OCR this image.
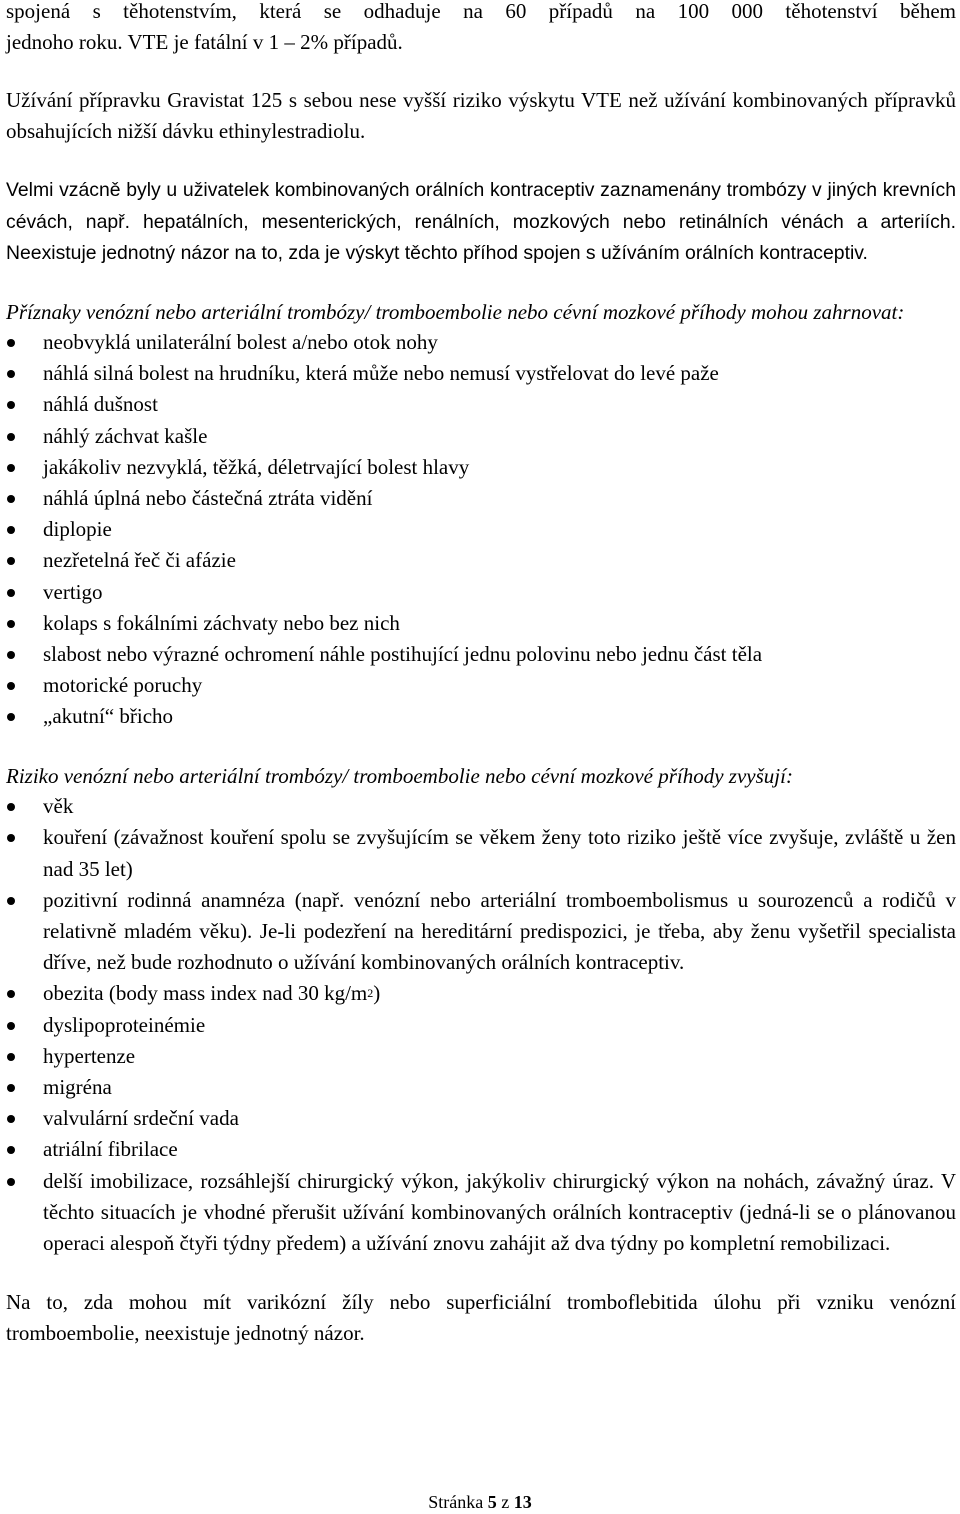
spojená s těhotenstvím, která se odhaduje na 60 případů na 100 000 těhotenství během
jednoho roku. VTE je fatální v 1 – 2% případů.

Užívání přípravku Gravistat 125 s sebou nese vyšší riziko výskytu VTE než užívání kombinovaných přípravků obsahujících nižší dávku ethinylestradiolu.

Velmi vzácně byly u uživatelek kombinovaných orálních kontraceptiv zaznamenány trombózy v jiných krevních cévách, např. hepatálních, mesenterických, renálních, mozkových nebo retinálních vénách a arteriích. Neexistuje jednotný názor na to, zda je výskyt těchto příhod spojen s užíváním orálních kontraceptiv.

Příznaky venózní nebo arteriální trombózy/ tromboembolie nebo cévní mozkové příhody mohou zahrnovat:

neobvyklá unilaterální bolest a/nebo otok nohy
náhlá silná bolest na hrudníku, která může nebo nemusí vystřelovat do levé paže
náhlá dušnost
náhlý záchvat kašle
jakákoliv nezvyklá, těžká, déletrvající bolest hlavy
náhlá úplná nebo částečná ztráta vidění
diplopie
nezřetelná řeč či afázie
vertigo
kolaps s fokálními záchvaty nebo bez nich
slabost nebo výrazné ochromení náhle postihující jednu polovinu nebo jednu část těla
motorické poruchy
„akutní“ břicho

Riziko venózní nebo arteriální trombózy/ tromboembolie nebo cévní mozkové příhody zvyšují:

věk
kouření (závažnost kouření spolu se zvyšujícím se věkem ženy toto riziko ještě více zvyšuje, zvláště u žen nad 35 let)
pozitivní rodinná anamnéza (např. venózní nebo arteriální tromboembolismus u sourozenců a rodičů v relativně mladém věku). Je-li podezření na hereditární predispozici, je třeba, aby ženu vyšetřil specialista dříve, než bude rozhodnuto o užívání kombinovaných orálních kontraceptiv.
obezita (body mass index nad 30 $kg/m^2$)
dyslipoproteinémie
hypertenze
migréna
valvulární srdeční vada
atriální fibrilace
delší imobilizace, rozsáhlejší chirurgický výkon, jakýkoliv chirurgický výkon na nohách, závažný úraz. V těchto situacích je vhodné přerušit užívání kombinovaných orálních kontraceptiv (jedná-li se o plánovanou operaci alespoň čtyři týdny předem) a užívání znovu zahájit až dva týdny po kompletní remobilizaci.

Na to, zda mohou mít varikózní žíly nebo superficiální tromboflebitida úlohu při vzniku venózní tromboembolie, neexistuje jednotný názor.

Stránka 5 z 13
